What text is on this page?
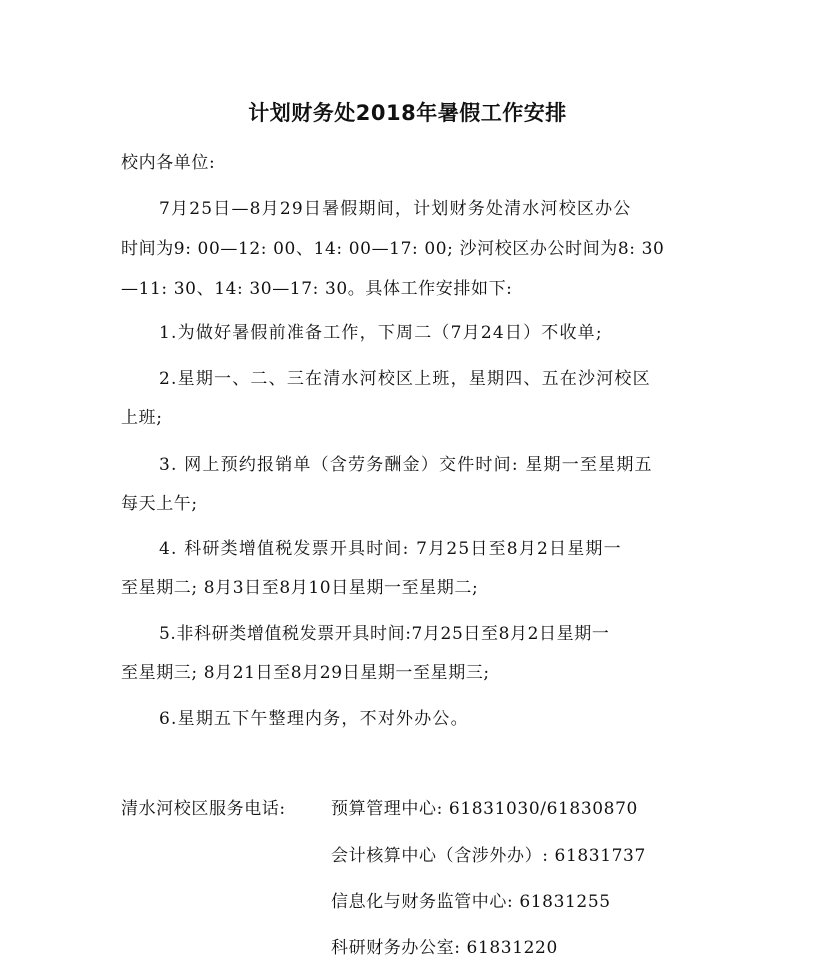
计划财务处2018年暑假工作安排
校内各单位:
7月25日—8月29日暑假期间，计划财务处清水河校区办公
时间为9: 00—12: 00、14: 00—17: 00; 沙河校区办公时间为8: 30
—11: 30、14: 30—17: 30。具体工作安排如下:
1.为做好暑假前准备工作，下周二（7月24日）不收单;
2.星期一、二、三在清水河校区上班，星期四、五在沙河校区
上班;
3. 网上预约报销单（含劳务酬金）交件时间: 星期一至星期五
每天上午;
4. 科研类增值税发票开具时间: 7月25日至8月2日星期一
至星期二; 8月3日至8月10日星期一至星期二;
5.非科研类增值税发票开具时间:7月25日至8月2日星期一
至星期三; 8月21日至8月29日星期一至星期三;
6.星期五下午整理内务，不对外办公。
清水河校区服务电话:	预算管理中心: 61831030/61830870
会计核算中心（含涉外办）: 61831737
信息化与财务监管中心: 61831255
科研财务办公室: 61831220
